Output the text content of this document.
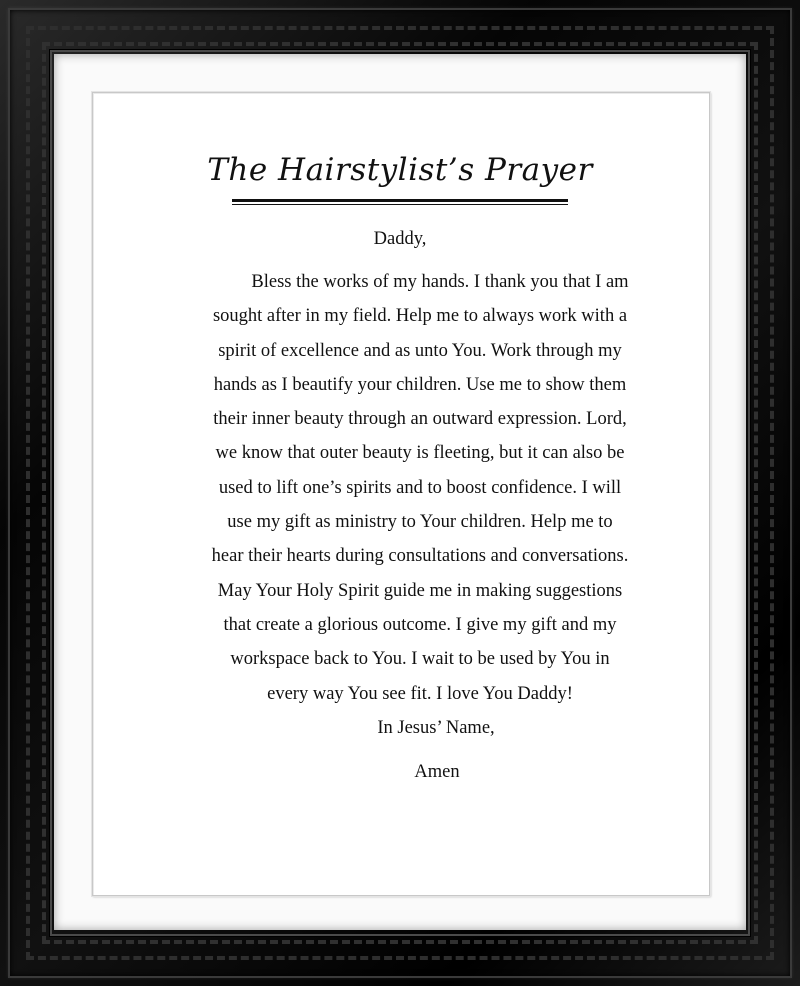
The Hairstylist’s Prayer
Daddy,

Bless the works of my hands. I thank you that I am
sought after in my field. Help me to always work with a
spirit of excellence and as unto You. Work through my
hands as I beautify your children. Use me to show them
their inner beauty through an outward expression. Lord,
we know that outer beauty is fleeting, but it can also be
used to lift one’s spirits and to boost confidence. I will
use my gift as ministry to Your children. Help me to
hear their hearts during consultations and conversations.
May Your Holy Spirit guide me in making suggestions
that create a glorious outcome. I give my gift and my
workspace back to You. I wait to be used by You in
every way You see fit. I love You Daddy!

In Jesus’ Name,
Amen
